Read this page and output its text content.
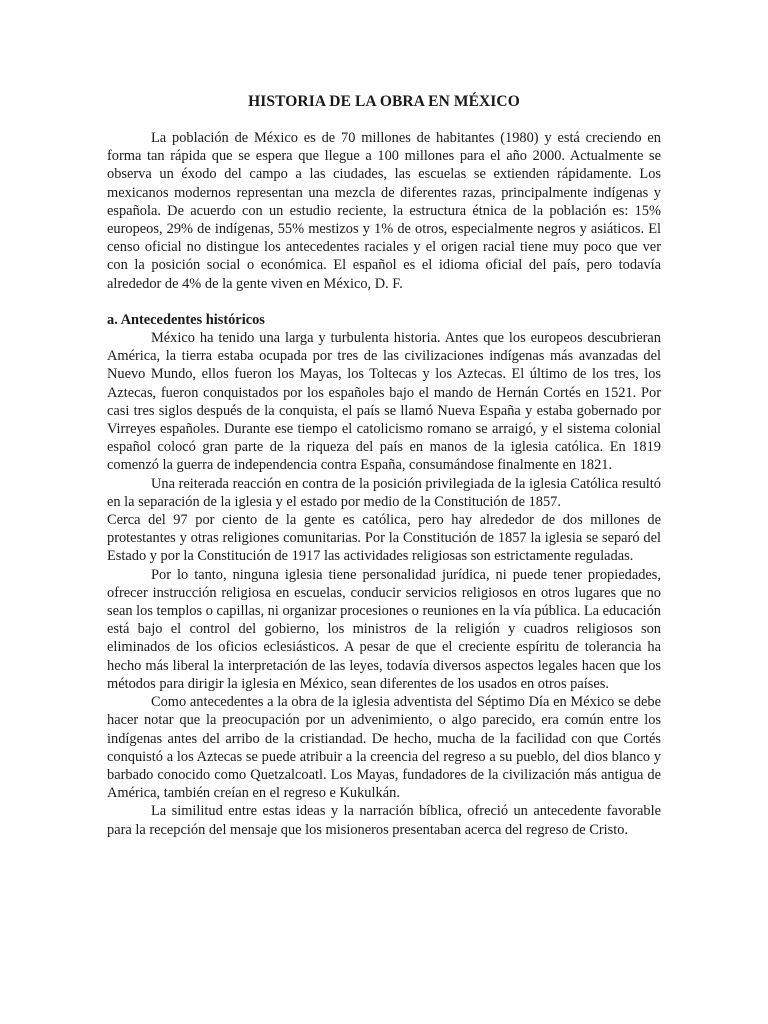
HISTORIA DE LA OBRA EN MÉXICO

La población de México es de 70 millones de habitantes (1980) y está creciendo en forma tan rápida que se espera que llegue a 100 millones para el año 2000. Actualmente se observa un éxodo del campo a las ciudades, las escuelas se extienden rápidamente. Los mexicanos modernos representan una mezcla de diferentes razas, principalmente indígenas y española. De acuerdo con un estudio reciente, la estructura étnica de la población es: 15% europeos, 29% de indígenas, 55% mestizos y 1% de otros, especialmente negros y asiáticos. El censo oficial no distingue los antecedentes raciales y el origen racial tiene muy poco que ver con la posición social o económica. El español es el idioma oficial del país, pero todavía alrededor de 4% de la gente viven en México, D. F.

a. Antecedentes históricos

México ha tenido una larga y turbulenta historia. Antes que los europeos descubrieran América, la tierra estaba ocupada por tres de las civilizaciones indígenas más avanzadas del Nuevo Mundo, ellos fueron los Mayas, los Toltecas y los Aztecas. El último de los tres, los Aztecas, fueron conquistados por los españoles bajo el mando de Hernán Cortés en 1521. Por casi tres siglos después de la conquista, el país se llamó Nueva España y estaba gobernado por Virreyes españoles. Durante ese tiempo el catolicismo romano se arraigó, y el sistema colonial español colocó gran parte de la riqueza del país en manos de la iglesia católica. En 1819 comenzó la guerra de independencia contra España, consumándose finalmente en 1821.

Una reiterada reacción en contra de la posición privilegiada de la iglesia Católica resultó en la separación de la iglesia y el estado por medio de la Constitución de 1857.

Cerca del 97 por ciento de la gente es católica, pero hay alrededor de dos millones de protestantes y otras religiones comunitarias. Por la Constitución de 1857 la iglesia se separó del Estado y por la Constitución de 1917 las actividades religiosas son estrictamente reguladas.

Por lo tanto, ninguna iglesia tiene personalidad jurídica, ni puede tener propiedades, ofrecer instrucción religiosa en escuelas, conducir servicios religiosos en otros lugares que no sean los templos o capillas, ni organizar procesiones o reuniones en la vía pública. La educación está bajo el control del gobierno, los ministros de la religión y cuadros religiosos son eliminados de los oficios eclesiásticos. A pesar de que el creciente espíritu de tolerancia ha hecho más liberal la interpretación de las leyes, todavía diversos aspectos legales hacen que los métodos para dirigir la iglesia en México, sean diferentes de los usados en otros países.

Como antecedentes a la obra de la iglesia adventista del Séptimo Día en México se debe hacer notar que la preocupación por un advenimiento, o algo parecido, era común entre los indígenas antes del arribo de la cristiandad. De hecho, mucha de la facilidad con que Cortés conquistó a los Aztecas se puede atribuir a la creencia del regreso a su pueblo, del dios blanco y barbado conocido como Quetzalcoatl. Los Mayas, fundadores de la civilización más antigua de América, también creían en el regreso e Kukulkán.

La similitud entre estas ideas y la narración bíblica, ofreció un antecedente favorable para la recepción del mensaje que los misioneros presentaban acerca del regreso de Cristo.
